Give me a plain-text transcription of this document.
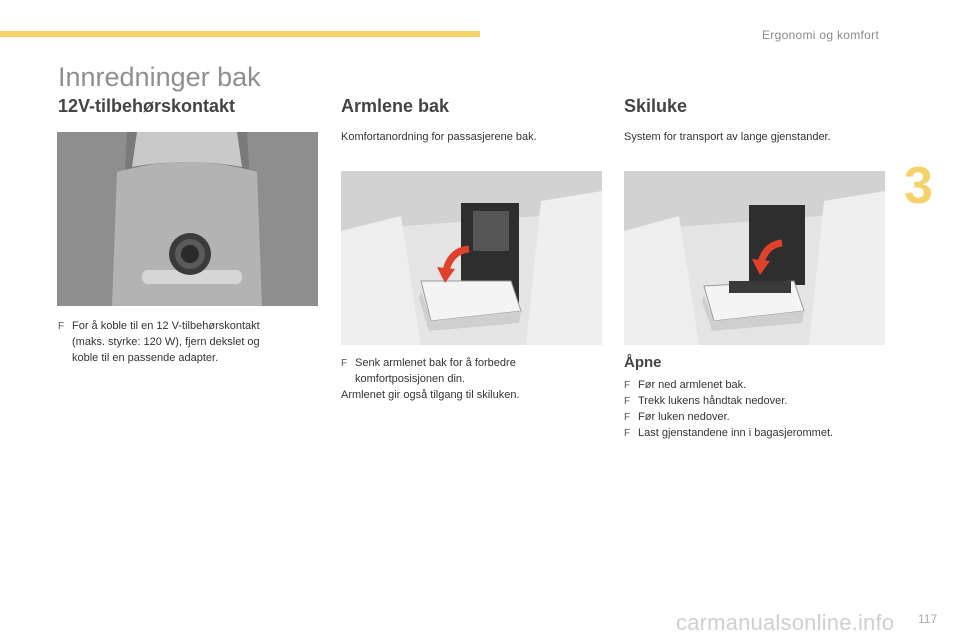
Ergonomi og komfort
3
Innredninger bak
12V-tilbehørskontakt
F For å koble til en 12 V-tilbehørskontakt
(maks. styrke: 120 W), fjern dekslet og
koble til en passende adapter.
Armlene bak
Komfortanordning for passasjerene bak.
F Senk armlenet bak for å forbedre
komfortposisjonen din.
Armlenet gir også tilgang til skiluken.
Skiluke
System for transport av lange gjenstander.
Åpne
F Før ned armlenet bak.
F Trekk lukens håndtak nedover.
F Før luken nedover.
F Last gjenstandene inn i bagasjerommet.
carmanualsonline.info 117
